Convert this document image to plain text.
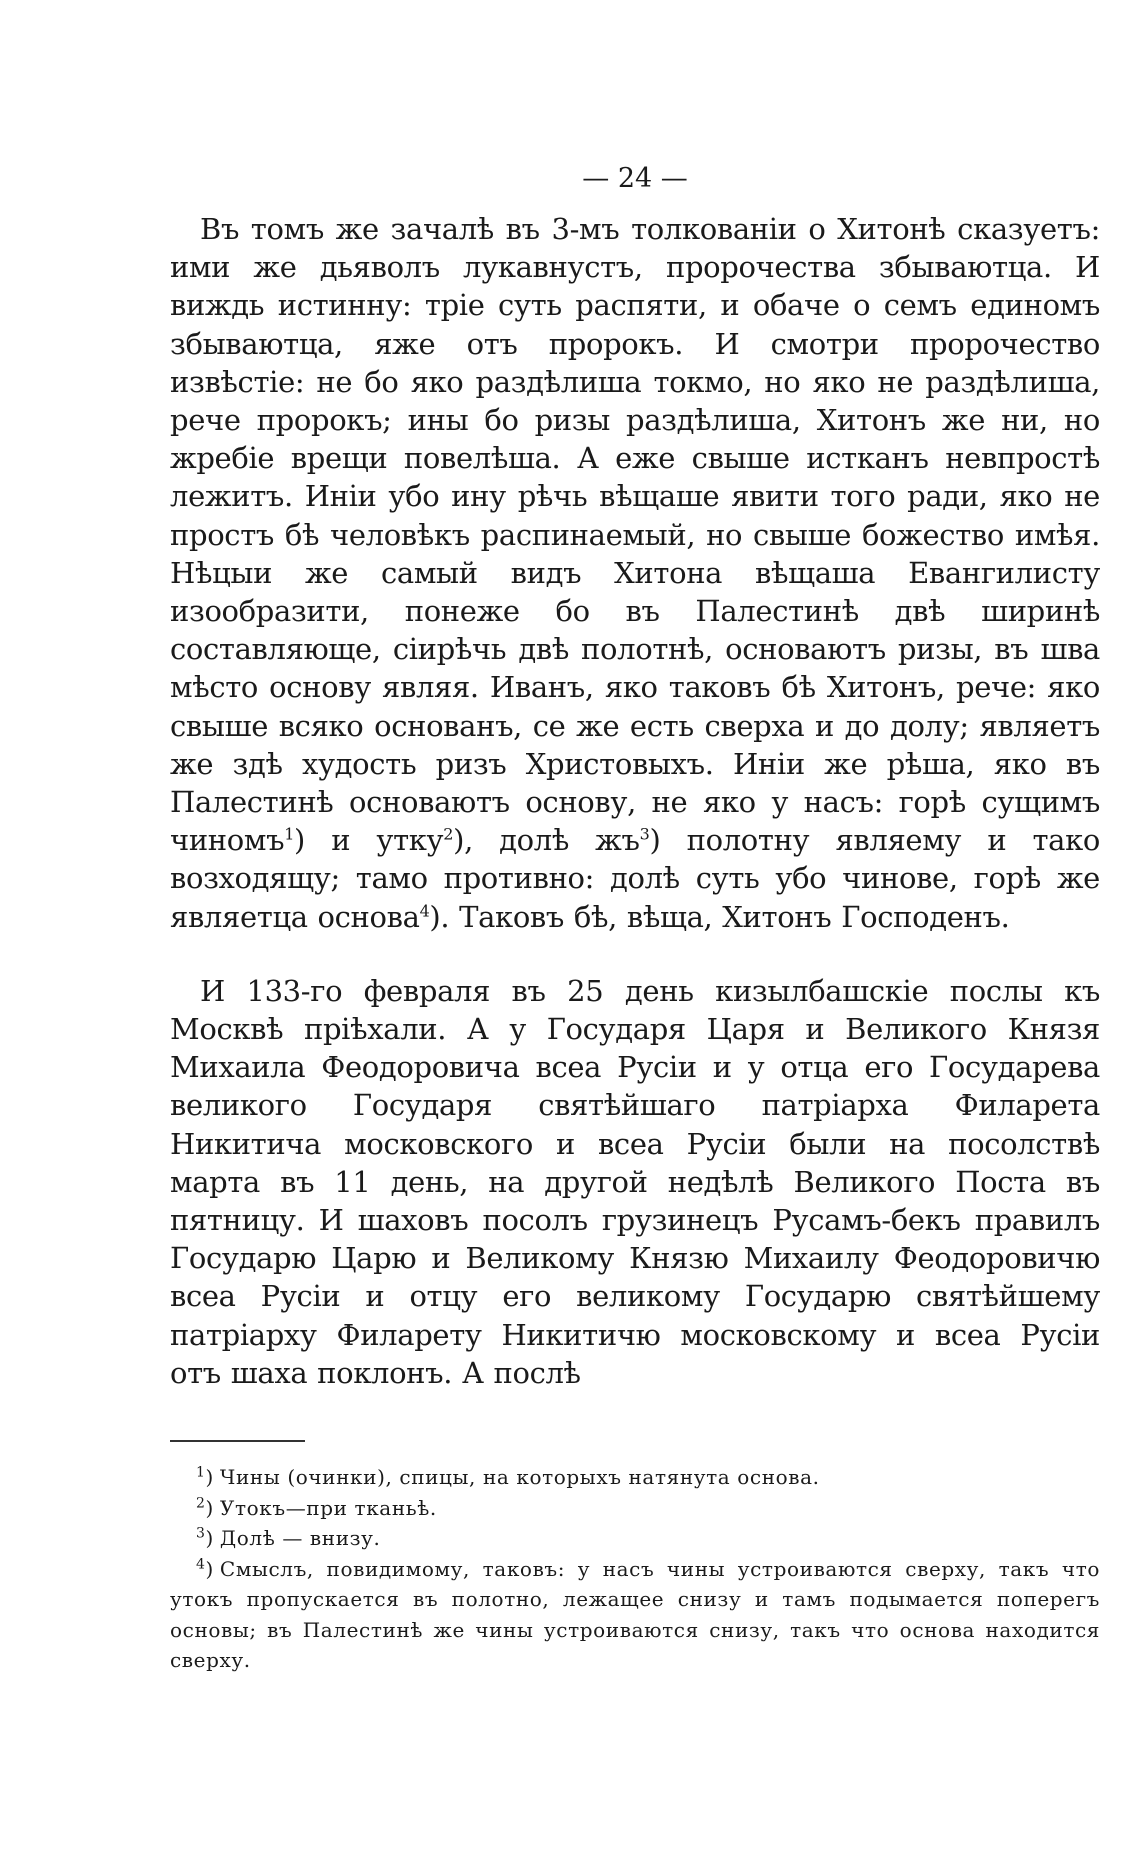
— 24 —

Въ томъ же зачалѣ въ 3-мъ толкованіи о Хитонѣ сказуетъ: ими же дьяволъ лукавнустъ, пророчества збываютца. И виждь истинну: тріе суть распяти, и обаче о семъ единомъ збываютца, яже отъ пророкъ. И смотри пророчество извѣстіе: не бо яко раздѣлиша токмо, но яко не раздѣлиша, рече пророкъ; ины бо ризы раздѣлиша, Хитонъ же ни, но жребіе врещи повелѣша. А еже свыше истканъ невпростѣ лежитъ. Иніи убо ину рѣчь вѣщаше явити того ради, яко не простъ бѣ человѣкъ распинаемый, но свыше божество имѣя. Нѣцыи же самый видъ Хитона вѣщаша Евангилисту изообразити, понеже бо въ Палестинѣ двѣ ширинѣ составляюще, сіирѣчь двѣ полотнѣ, основаютъ ризы, въ шва мѣсто основу являя. Иванъ, яко таковъ бѣ Хитонъ, рече: яко свыше всяко основанъ, се же есть сверха и до долу; являетъ же здѣ худость ризъ Христовыхъ. Иніи же рѣша, яко въ Палестинѣ основаютъ основу, не яко у насъ: горѣ сущимъ чиномъ$^1$) и утку$^2$), долѣ жъ$^3$) полотну являему и тако возходящу; тамо противно: долѣ суть убо чинове, горѣ же являетца основа$^4$). Таковъ бѣ, вѣща, Хитонъ Господенъ.

И 133-го февраля въ 25 день кизылбашскіе послы къ Москвѣ пріѣхали. А у Государя Царя и Великого Князя Михаила Феодоровича всеа Русіи и у отца его Государева великого Государя святѣйшаго патріарха Филарета Никитича московского и всеа Русіи были на посолствѣ марта въ 11 день, на другой недѣлѣ Великого Поста въ пятницу. И шаховъ посолъ грузинецъ Русамъ-бекъ правилъ Государю Царю и Великому Князю Михаилу Феодоровичю всеа Русіи и отцу его великому Государю святѣйшему патріарху Филарету Никитичю московскому и всеа Русіи отъ шаха поклонъ. А послѣ

$^1$) Чины (очинки), спицы, на которыхъ натянута основа.

$^2$) Утокъ—при тканьѣ.

$^3$) Долѣ — внизу.

$^4$) Смыслъ, повидимому, таковъ: у насъ чины устроиваются сверху, такъ что утокъ пропускается въ полотно, лежащее снизу и тамъ подымается поперегъ основы; въ Палестинѣ же чины устроиваются снизу, такъ что основа находится сверху.
